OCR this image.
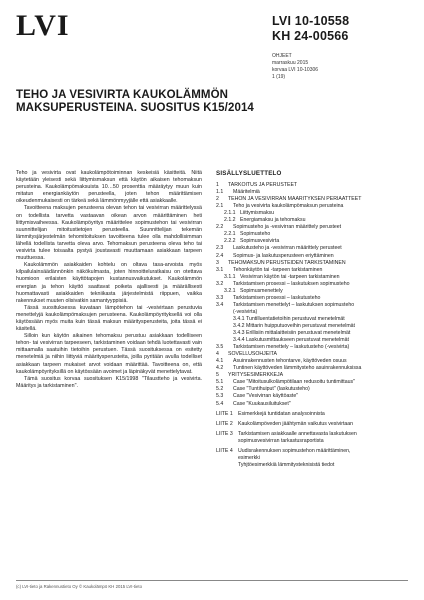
LVI	LVI 10-10558
KH 24-00566
OHJEET
marraskuu 2015
korvaa LVI 10-10306
1 (19)
TEHO JA VESIVIRTA KAUKOLÄMMÖN
MAKSUPERUSTEINA. SUOSITUS K15/2014

Teho ja vesivirta ovat kaukolämpötoiminnan keskeisiä käsitteitä. Niitä käytetään yleisesti sekä liittymismaksun että käytön aikaisen tehomaksun perusteina. Kaukolämpömaksuista 10…50 prosenttia määräytyy muun kuin mitatun energiankäytön perusteella, joten tehon määrittämisen oikeudenmukaisesti on tärkeä sekä lämmönmyyjälle että asiakkaalle.

Tavoitteena maksujen perusteena olevan tehon tai vesivirran määrittelyssä on todellista tarvetta vastaavan oikean arvon määrittäminen heti liittymisvaiheessa. Kaukolämpöyritys määrittelee sopimustehon tai vesivirran suunnittelijan mitoitustietojen perusteella. Suunnittelijan tekemän lämmitysjärjestelmän tehomitoituksen tavoitteena tulee olla mahdollisimman lähellä todellista tarvetta oleva arvo. Tehomaksun perusteena oleva teho tai vesivirta tulee toisaalta pystyä joustavasti muuttamaan asiakkaan tarpeen muuttuessa.

Kaukolämmön asiakkaiden kohtelu on oltava tasa-arvoista myös kilpailulainsäädännönkin näkökulmasta, joten hinnoitteluratkaisu on otettava huomioon erilaisten käyttötapojen kustannusvaikutukset. Kaukolämmön energian ja tehon käyttö saattavat poiketa ajallisesti ja määrällisesti huomattavasti asiakkaiden tekniikasta järjestelmistä riippuen, vaikka rakennukset muuten olisivatkin samantyyppisiä.

Tässä suosituksessa kuvataan lämpötehon tai -vesivirtaan perustuvia menettelyjä kaukolämpömaksujen perusteena. Kaukolämpöyrityksellä voi olla käytössään myös muita kuin tässä maksun määritysperusteita, joita tässä ei käsitellä.

Silloin kun käytön aikainen tehomaksu perustuu asiakkaan todelliseen tehon- tai vesivirran tarpeeseen, tarkistaminen voidaan tehdä luotettavasti vain mittaamalla saatuihin tietoihin perustuen. Tässä suosituksessa on esitetty menetelmiä ja niihin liittyviä määritysperusteita, joilla pyritään avulla todelliset asiakkaan tarpeen mukaiset arvot voidaan määrittää. Tavoitteena on, että kaukolämpöyrityksillä on käytössään avoimet ja läpinäkyvät menettelytavat.

Tämä suositus korvaa suosituksen K15/1998 "Tilaustteho ja vesivirta. Määritys ja tarkistaminen".

SISÄLLYSLUETTELO
1	TARKOITUS JA PERUSTEET
1.1	Määritelmiä
2	TEHON JA VESIVIRRAN MÄÄRITYKSEN PERIAATTEET
2.1	Teho ja vesivirta kaukolämpömaksun perusteina
2.1.1 Liittymismaksu
2.1.2 Energiamaksu ja tehomaksu
2.2	Sopimusteho ja -vesivirran määrittely perusteet
2.2.1 Sopimusteho
2.2.2 Sopimusvesivirta
2.3	Laskutusteho ja -vesivirran määrittely perusteet
2.4	Sopimus- ja laskutusperusteen eriyttäminen
3	TEHOMAKSUN PERUSTEIDEN TARKISTAMINEN
3.1	Tehonkäytön tai -tarpeen tarkistaminen
3.1.1 Vesivirran käytön tai -tarpeen tarkistaminen
3.2	Tarkistamisen prosessi – laskutuksen sopimusteho
3.2.1 Sopimusmenettely
3.3	Tarkistamisen prosessi – laskutusteho
3.4	Tarkistamisen menettelyt – laskutuksen sopimusteho
(-vesivirta)
3.4.1 Tuntilluentatietoihin perustuvat menetelmät
3.4.2 Mittarin huipputuoveihin perustuvat menetelmät
3.4.3 Erillisiin mittalaitteisiin perustuvat menetelmät
3.4.4 Laskutusmittaukseen perustuvat menetelmät
3.5	Tarkistamisen menettely – laskutusteho (-vesivirta)
4	SOVELLUSOHJEITA
4.1	Asuinrakennusten tehontarve, käyttöveden osuus
4.2	Tuntinen käyttöveden lämmitysteho asuinrakennuksissa
5	YRITYSESIMERKKEJÄ
5.1	Case "Mitoitusulkolämpötilaan redusoitu tuntimittaus"
5.2	Case "Tuntihuiput" (laskutusteho)
5.3	Case "Vesivirran käyttöaste"
5.4	Case "Kuukausiluitukset"
LIITE 1	Esimerkkejä tuntidatan analysoinnista
LIITE 2	Kaukolämpöveden jäähtymän vaikutus vesivirtaan
LIITE 3	Tarkistamisen asiakkaalle annettavasta laskutuksen
sopimusvesivirran tarkastusraportista
LIITE 4	Uudisrakennuksen sopimustehon määrittäminen,
esimerkki
Tyhjtöesimerkkiä lämmitysteknisistä tiedot
(c) LVI-tieto ja Rakennustieto Oy © Kaukolämpö KH 2015 LVI-tieto
